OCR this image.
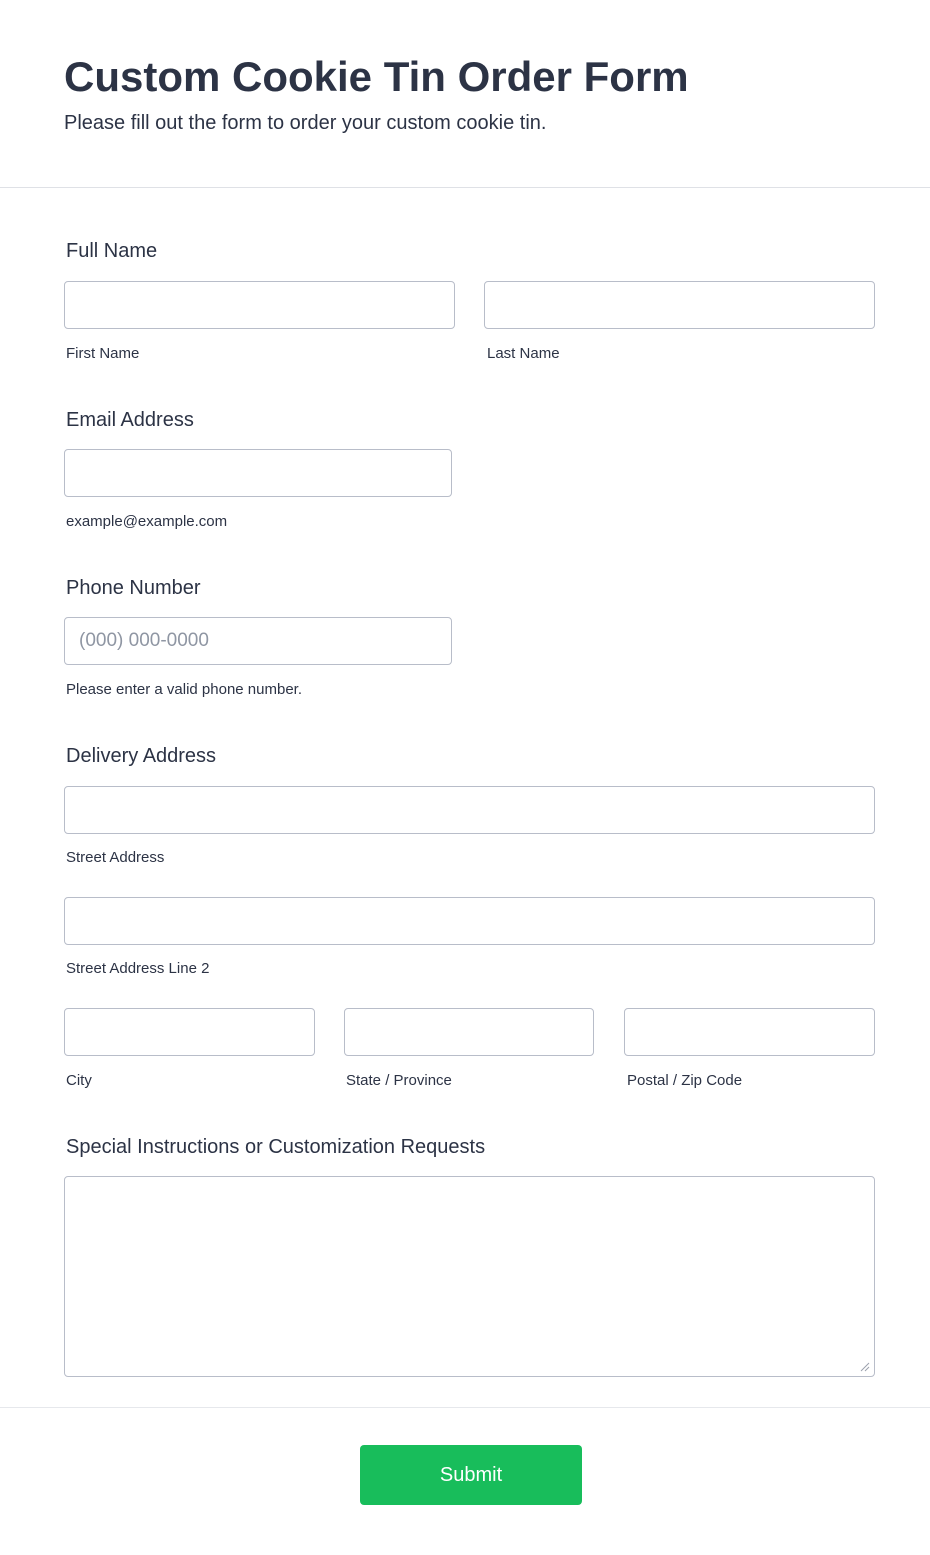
Custom Cookie Tin Order Form

Please fill out the form to order your custom cookie tin.

Full Name
First Name	Last Name
Email Address
example@example.com
Phone Number
(000) 000-0000
Please enter a valid phone number.
Delivery Address
Street Address
Street Address Line 2
City	State / Province	Postal / Zip Code
Special Instructions or Customization Requests
Submit
